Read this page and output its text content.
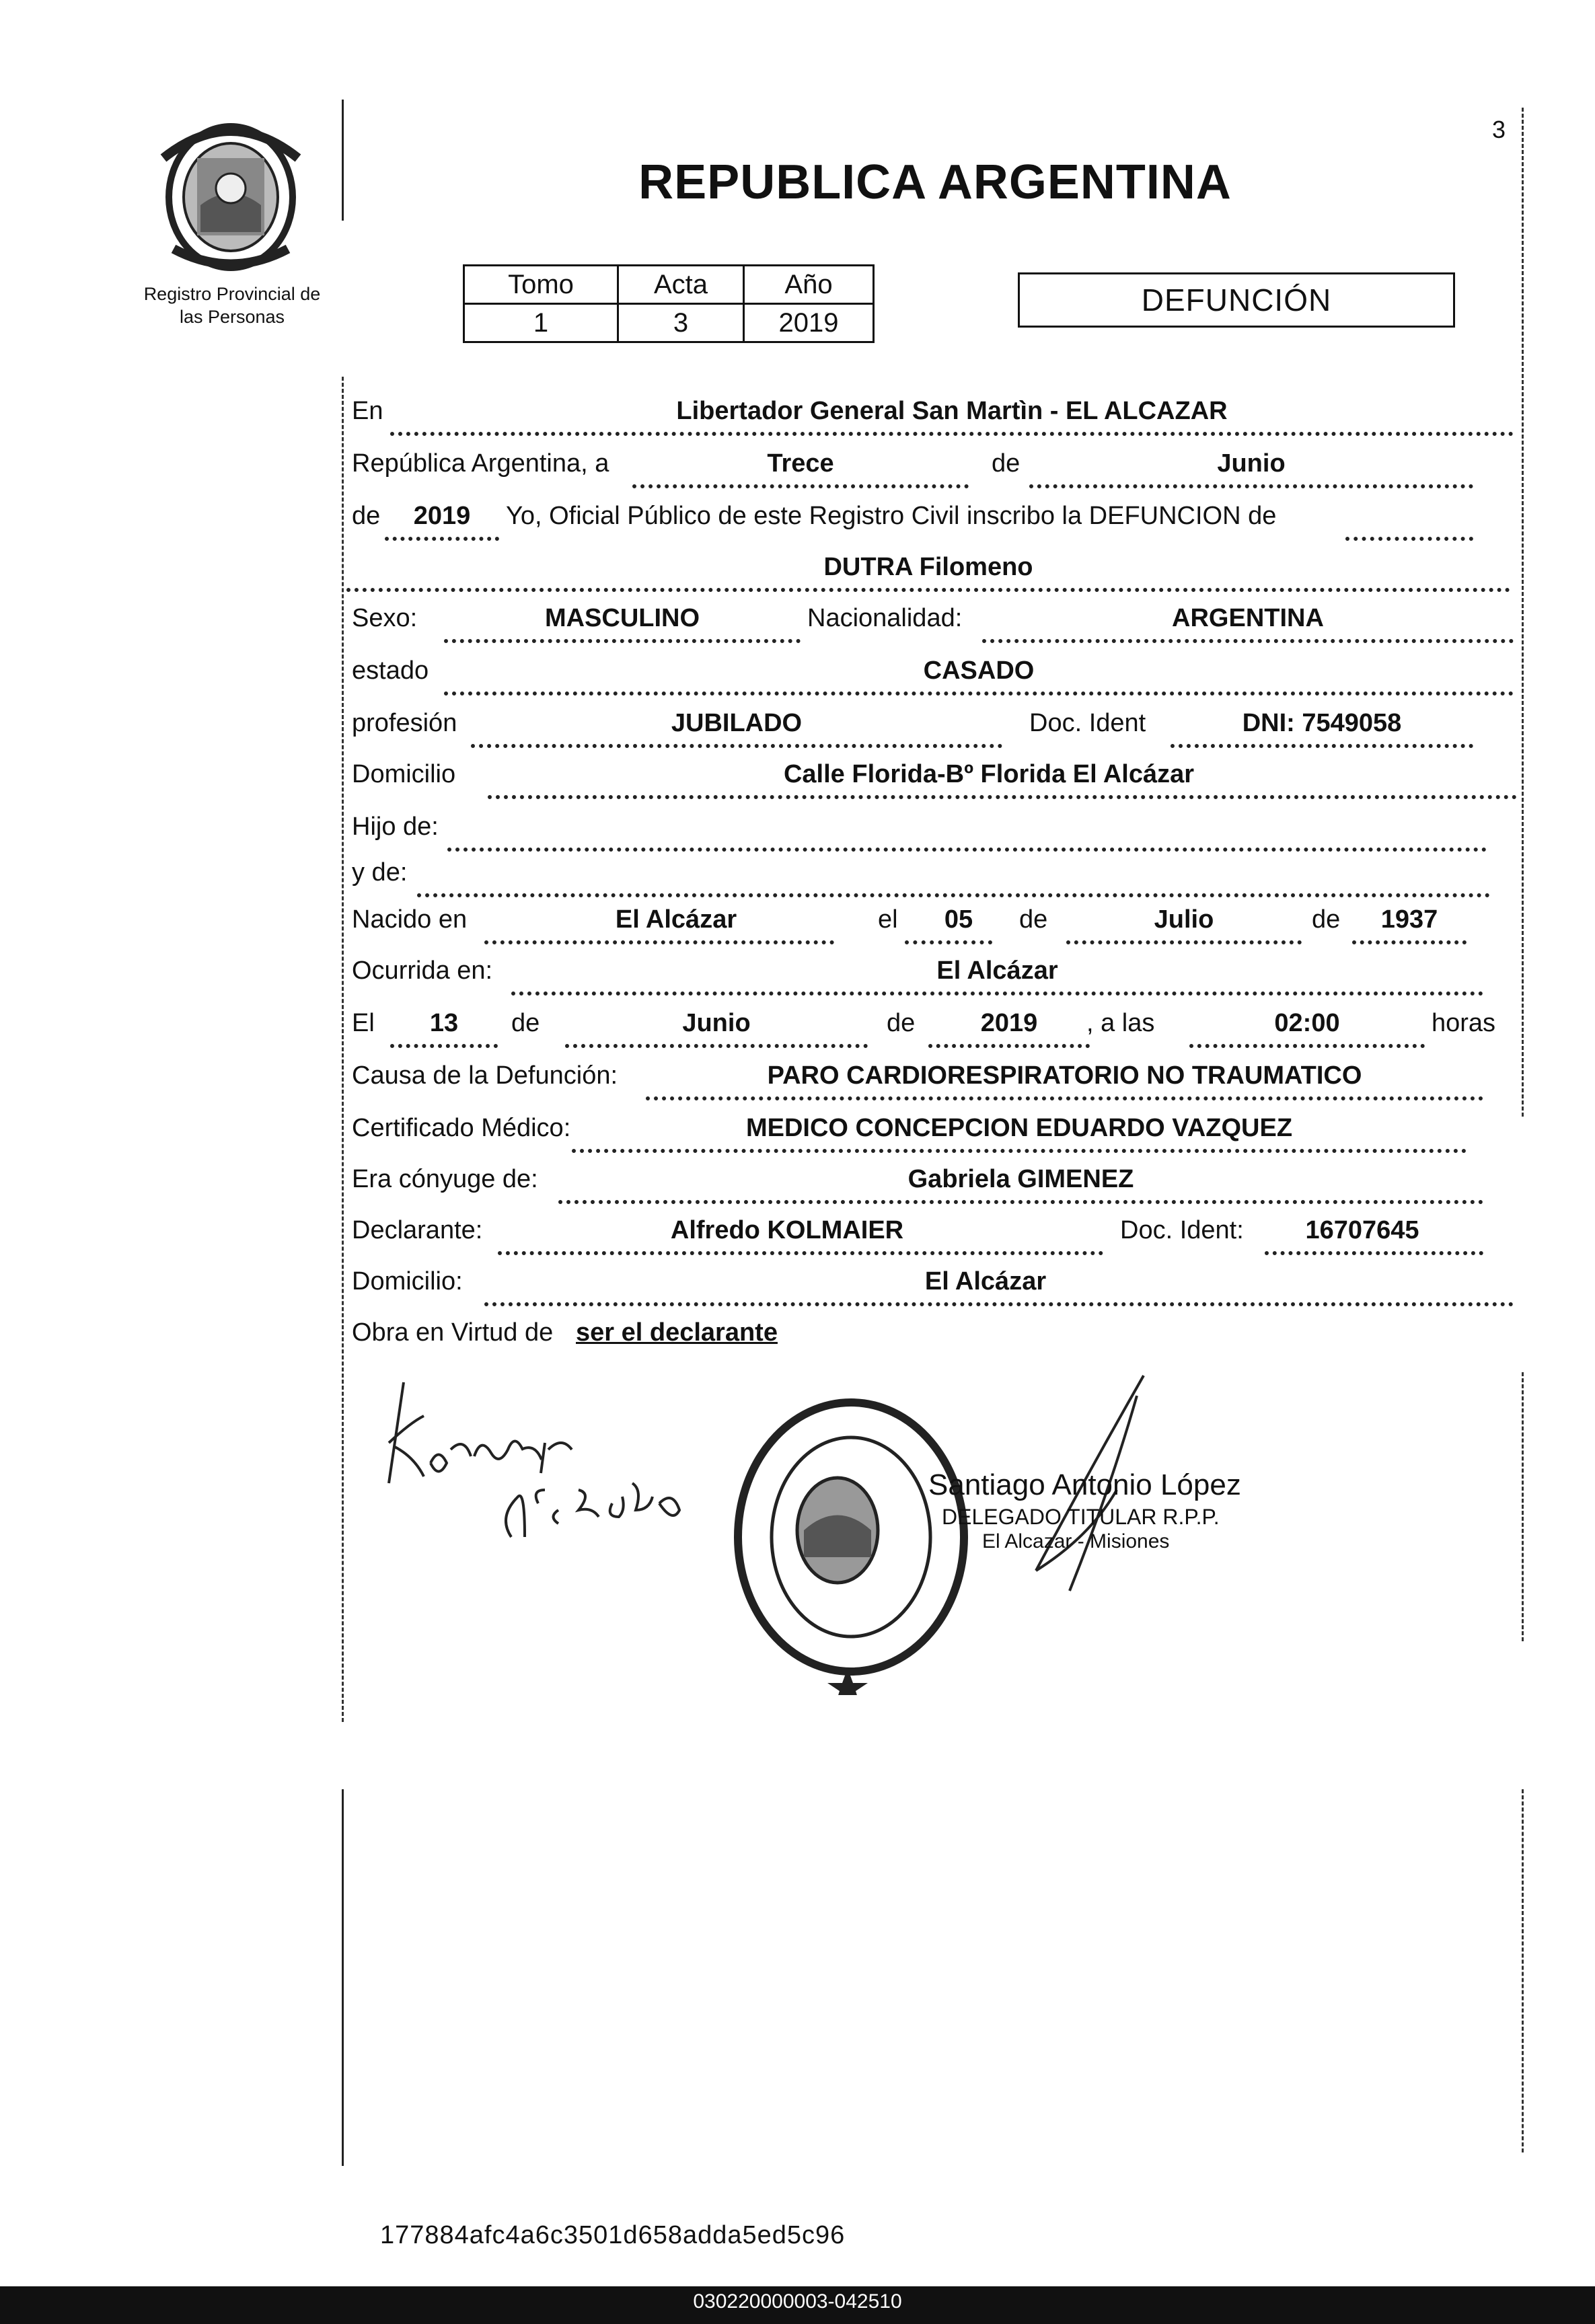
Registro Provincial de
las Personas
REPUBLICA ARGENTINA
3
Tomo	Acta	Año
1	3	2019
DEFUNCIÓN
En	Libertador General San Martìn - EL ALCAZAR
República Argentina, a	Trece	de	Junio
de	2019	Yo, Oficial Público de este Registro Civil inscribo la DEFUNCION de
DUTRA Filomeno
Sexo:	MASCULINO	Nacionalidad:	ARGENTINA
estado	CASADO
profesión	JUBILADO	Doc. Ident	DNI: 7549058
Domicilio	Calle Florida-Bº Florida El Alcázar
Hijo de:
y de:
Nacido en	El Alcázar	el	05	de	Julio	de	1937
Ocurrida en:	El Alcázar
El	13	de	Junio	de	2019	, a las	02:00	horas
Causa de la Defunción:	PARO CARDIORESPIRATORIO NO TRAUMATICO
Certificado Médico:	MEDICO CONCEPCION EDUARDO VAZQUEZ
Era cónyuge de:	Gabriela GIMENEZ
Declarante:	Alfredo KOLMAIER	Doc. Ident:	16707645
Domicilio:	El Alcázar
Obra en Virtud de ser el declarante
Santiago Antonio López
DELEGADO TITULAR R.P.P.
El Alcazar - Misiones
177884afc4a6c3501d658adda5ed5c96
030220000003-042510
